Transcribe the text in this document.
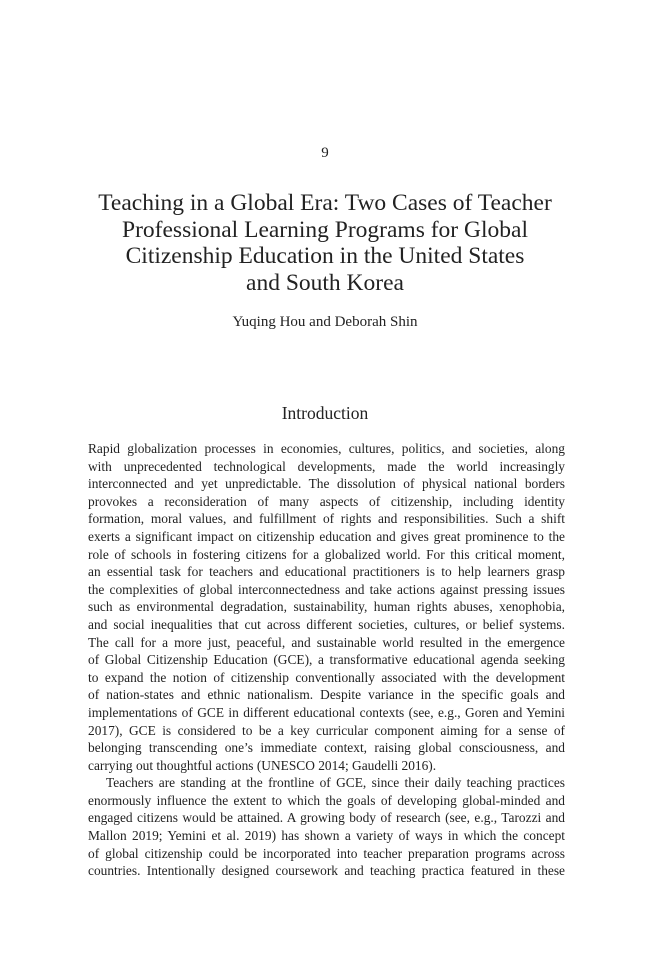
9
Teaching in a Global Era: Two Cases of Teacher
Professional Learning Programs for Global
Citizenship Education in the United States
and South Korea
Yuqing Hou and Deborah Shin
Introduction
Rapid globalization processes in economies, cultures, politics, and societies, along
with unprecedented technological developments, made the world increasingly
interconnected and yet unpredictable. The dissolution of physical national borders
provokes a reconsideration of many aspects of citizenship, including identity
formation, moral values, and fulfillment of rights and responsibilities. Such a shift
exerts a significant impact on citizenship education and gives great prominence to the
role of schools in fostering citizens for a globalized world. For this critical moment,
an essential task for teachers and educational practitioners is to help learners grasp
the complexities of global interconnectedness and take actions against pressing issues
such as environmental degradation, sustainability, human rights abuses, xenophobia,
and social inequalities that cut across different societies, cultures, or belief systems.
The call for a more just, peaceful, and sustainable world resulted in the emergence
of Global Citizenship Education (GCE), a transformative educational agenda seeking
to expand the notion of citizenship conventionally associated with the development
of nation-states and ethnic nationalism. Despite variance in the specific goals and
implementations of GCE in different educational contexts (see, e.g., Goren and Yemini
2017), GCE is considered to be a key curricular component aiming for a sense of
belonging transcending one’s immediate context, raising global consciousness, and
carrying out thoughtful actions (UNESCO 2014; Gaudelli 2016).
Teachers are standing at the frontline of GCE, since their daily teaching practices
enormously influence the extent to which the goals of developing global-minded and
engaged citizens would be attained. A growing body of research (see, e.g., Tarozzi and
Mallon 2019; Yemini et al. 2019) has shown a variety of ways in which the concept
of global citizenship could be incorporated into teacher preparation programs across
countries. Intentionally designed coursework and teaching practica featured in these
